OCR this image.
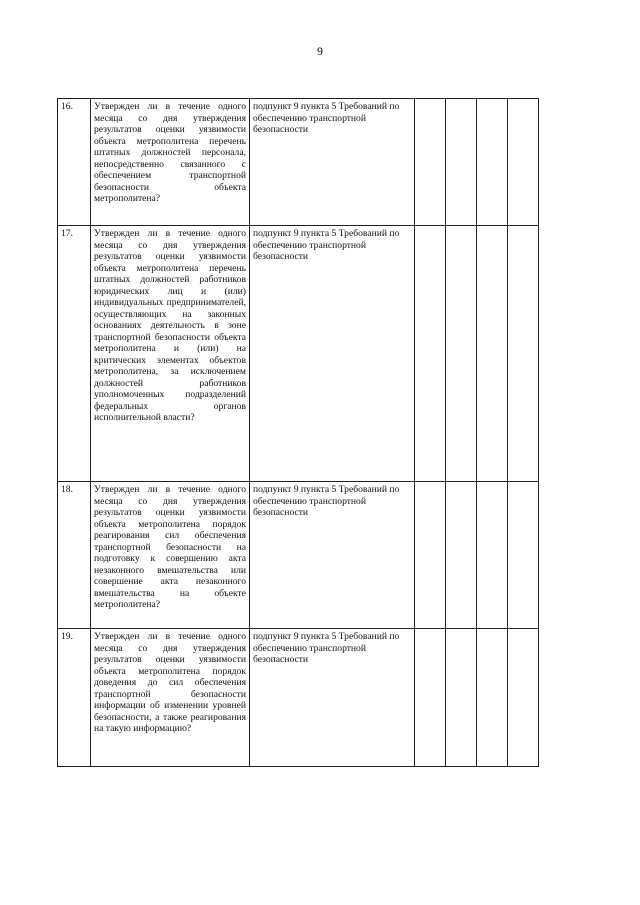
9
16.	Утвержден ли в течение одного месяца со дня утверждения результатов оценки уязвимости объекта метрополитена перечень штатных должностей персонала, непосредственно связанного с обеспечением транспортной безопасности объекта метрополитена?	подпункт 9 пункта 5 Требований по обеспечению транспортной безопасности				
17.	Утвержден ли в течение одного месяца со дня утверждения результатов оценки уязвимости объекта метрополитена перечень штатных должностей работников юридических лиц и (или) индивидуальных предпринимателей, осуществляющих на законных основаниях деятельность в зоне транспортной безопасности объекта метрополитена и (или) на критических элементах объектов метрополитена, за исключением должностей работников уполномоченных подразделений федеральных органов исполнительной власти?	подпункт 9 пункта 5 Требований по обеспечению транспортной безопасности				
18.	Утвержден ли в течение одного месяца со дня утверждения результатов оценки уязвимости объекта метрополитена порядок реагирования сил обеспечения транспортной безопасности на подготовку к совершению акта незаконного вмешательства или совершение акта незаконного вмешательства на объекте метрополитена?	подпункт 9 пункта 5 Требований по обеспечению транспортной безопасности				
19.	Утвержден ли в течение одного месяца со дня утверждения результатов оценки уязвимости объекта метрополитена порядок доведения до сил обеспечения транспортной безопасности информации об изменении уровней безопасности, а также реагирования на такую информацию?	подпункт 9 пункта 5 Требований по обеспечению транспортной безопасности				
